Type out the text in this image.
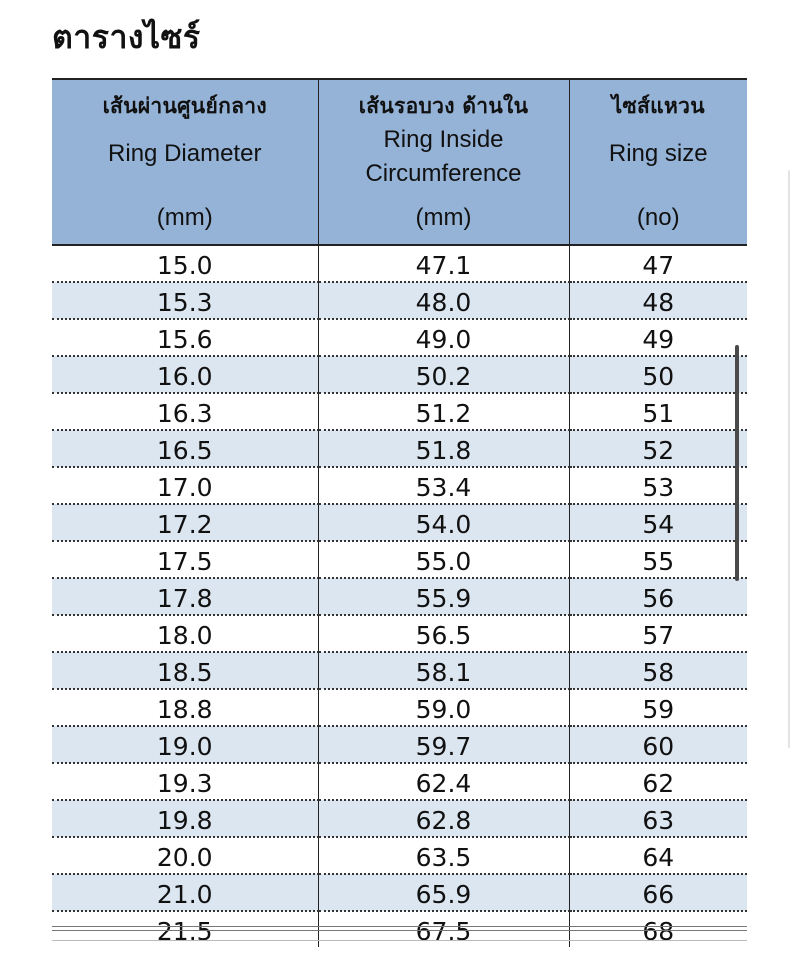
ตารางไซร์
เส้นผ่านศูนย์กลาง
Ring Diameter
(mm)	เส้นรอบวง ด้านใน
Ring Inside Circumference
(mm)	ไซส์แหวน
Ring size
(no)

15.0	47.1	47
15.3	48.0	48
15.6	49.0	49
16.0	50.2	50
16.3	51.2	51
16.5	51.8	52
17.0	53.4	53
17.2	54.0	54
17.5	55.0	55
17.8	55.9	56
18.0	56.5	57
18.5	58.1	58
18.8	59.0	59
19.0	59.7	60
19.3	62.4	62
19.8	62.8	63
20.0	63.5	64
21.0	65.9	66
21.5	67.5	68
